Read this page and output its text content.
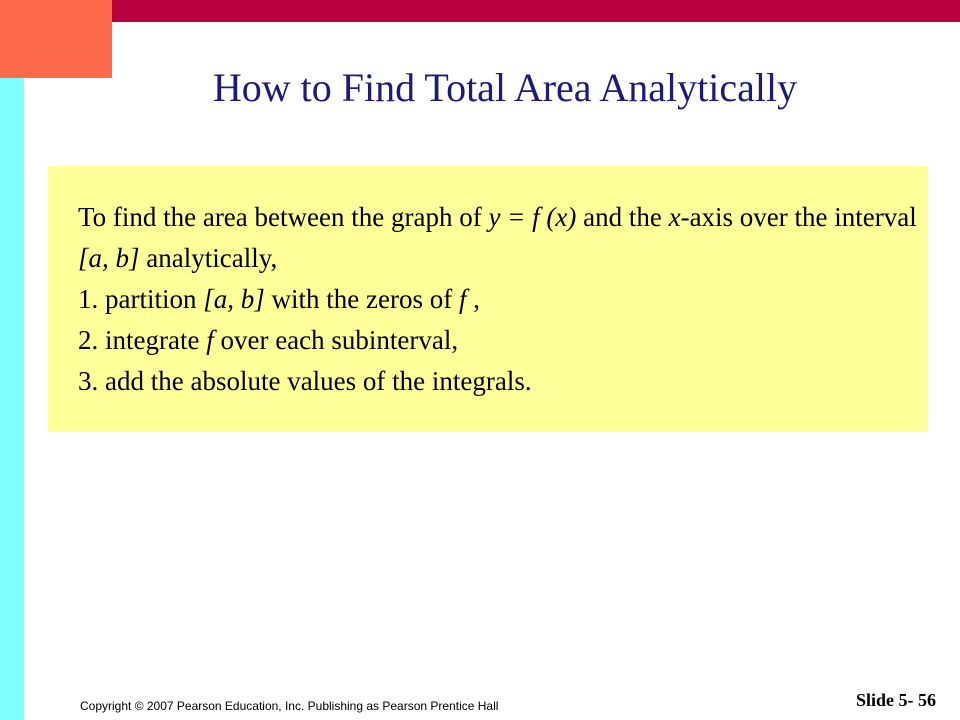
How to Find Total Area Analytically
To find the area between the graph of y = f (x) and the x-axis over the interval
[a, b] analytically,
1. partition [a, b] with the zeros of f ,
2. integrate f over each subinterval,
3. add the absolute values of the integrals.
Copyright © 2007 Pearson Education, Inc. Publishing as Pearson Prentice Hall	Slide 5- 56
